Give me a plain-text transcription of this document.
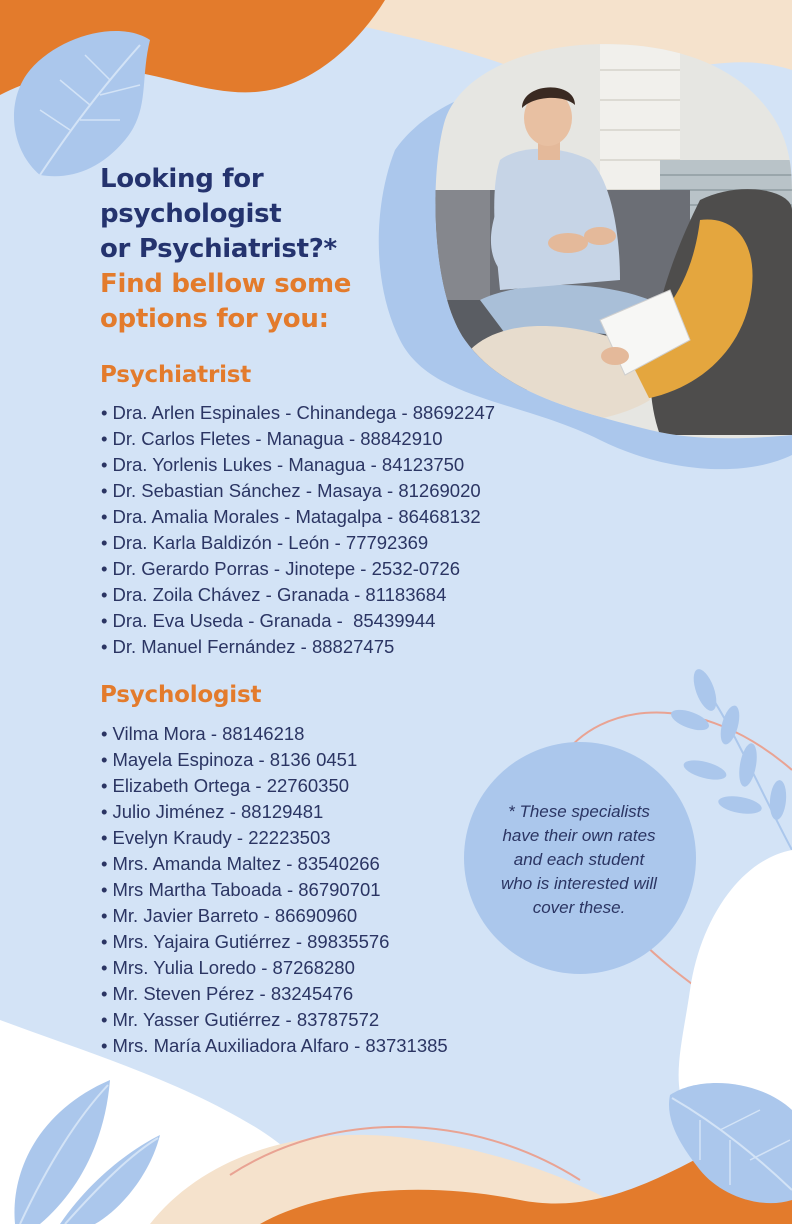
Looking for
psychologist
or Psychiatrist?*
Find bellow some
options for you:
Psychiatrist
• Dra. Arlen Espinales - Chinandega - 88692247
• Dr. Carlos Fletes - Managua - 88842910
• Dra. Yorlenis Lukes - Managua - 84123750
• Dr. Sebastian Sánchez - Masaya - 81269020
• Dra. Amalia Morales - Matagalpa - 86468132
• Dra. Karla Baldizón - León - 77792369
• Dr. Gerardo Porras - Jinotepe - 2532-0726
• Dra. Zoila Chávez - Granada - 81183684
• Dra. Eva Useda - Granada -  85439944
• Dr. Manuel Fernández - 88827475
Psychologist
• Vilma Mora - 88146218
• Mayela Espinoza - 8136 0451
• Elizabeth Ortega - 22760350
• Julio Jiménez - 88129481
• Evelyn Kraudy - 22223503
• Mrs. Amanda Maltez - 83540266
• Mrs Martha Taboada - 86790701
• Mr. Javier Barreto - 86690960
• Mrs. Yajaira Gutiérrez - 89835576
• Mrs. Yulia Loredo - 87268280
• Mr. Steven Pérez - 83245476
• Mr. Yasser Gutiérrez - 83787572
• Mrs. María Auxiliadora Alfaro - 83731385

* These specialists
have their own rates
and each student
who is interested will
cover these.
